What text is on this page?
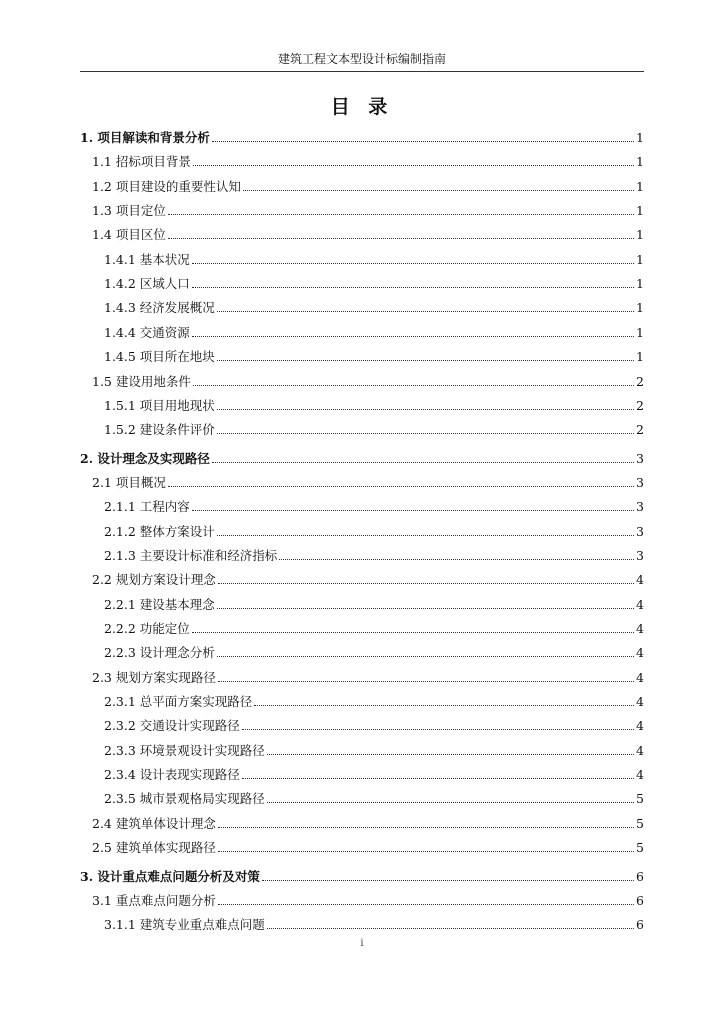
建筑工程文本型设计标编制指南
目 录
1. 项目解读和背景分析	1
1.1 招标项目背景	1
1.2 项目建设的重要性认知	1
1.3 项目定位	1
1.4 项目区位	1
1.4.1 基本状况	1
1.4.2 区域人口	1
1.4.3 经济发展概况	1
1.4.4 交通资源	1
1.4.5 项目所在地块	1
1.5 建设用地条件	2
1.5.1 项目用地现状	2
1.5.2 建设条件评价	2
2. 设计理念及实现路径	3
2.1 项目概况	3
2.1.1 工程内容	3
2.1.2 整体方案设计	3
2.1.3 主要设计标准和经济指标	3
2.2 规划方案设计理念	4
2.2.1 建设基本理念	4
2.2.2 功能定位	4
2.2.3 设计理念分析	4
2.3 规划方案实现路径	4
2.3.1 总平面方案实现路径	4
2.3.2 交通设计实现路径	4
2.3.3 环境景观设计实现路径	4
2.3.4 设计表现实现路径	4
2.3.5 城市景观格局实现路径	5
2.4 建筑单体设计理念	5
2.5 建筑单体实现路径	5
3. 设计重点难点问题分析及对策	6
3.1 重点难点问题分析	6
3.1.1 建筑专业重点难点问题	6
i
